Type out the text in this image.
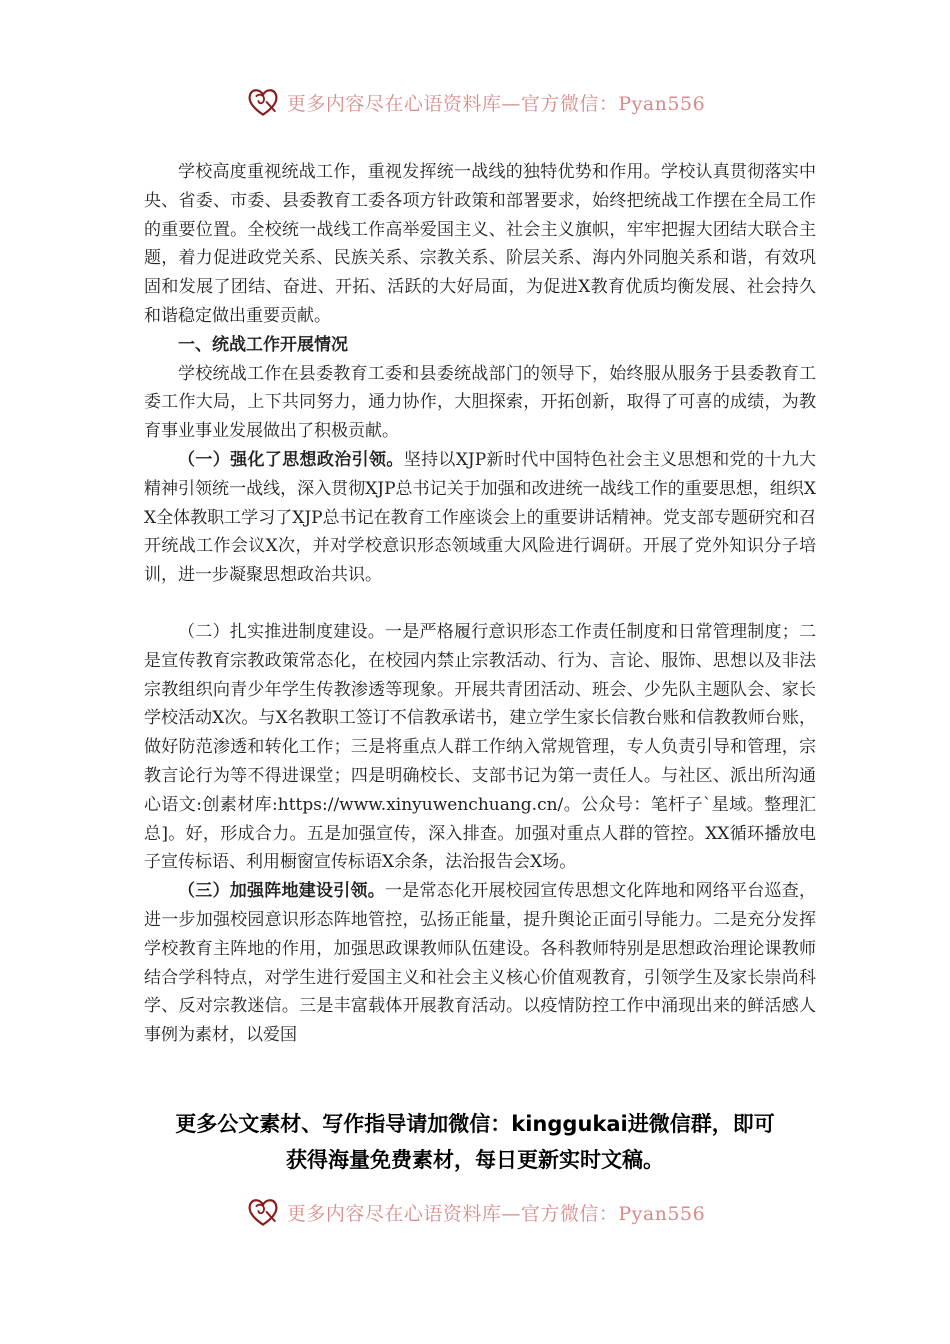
更多内容尽在心语资料库—官方微信：Pyan556

学校高度重视统战工作，重视发挥统一战线的独特优势和作用。学校认真贯彻落实中央、省委、市委、县委教育工委各项方针政策和部署要求，始终把统战工作摆在全局工作的重要位置。全校统一战线工作高举爱国主义、社会主义旗帜，牢牢把握大团结大联合主题，着力促进政党关系、民族关系、宗教关系、阶层关系、海内外同胞关系和谐，有效巩固和发展了团结、奋进、开拓、活跃的大好局面，为促进X教育优质均衡发展、社会持久和谐稳定做出重要贡献。

一、统战工作开展情况

学校统战工作在县委教育工委和县委统战部门的领导下，始终服从服务于县委教育工委工作大局，上下共同努力，通力协作，大胆探索，开拓创新，取得了可喜的成绩，为教育事业事业发展做出了积极贡献。

（一）强化了思想政治引领。坚持以XJP新时代中国特色社会主义思想和党的十九大精神引领统一战线，深入贯彻XJP总书记关于加强和改进统一战线工作的重要思想，组织XX全体教职工学习了XJP总书记在教育工作座谈会上的重要讲话精神。党支部专题研究和召开统战工作会议X次，并对学校意识形态领域重大风险进行调研。开展了党外知识分子培训，进一步凝聚思想政治共识。

（二）扎实推进制度建设。一是严格履行意识形态工作责任制度和日常管理制度；二是宣传教育宗教政策常态化，在校园内禁止宗教活动、行为、言论、服饰、思想以及非法宗教组织向青少年学生传教渗透等现象。开展共青团活动、班会、少先队主题队会、家长学校活动X次。与X名教职工签订不信教承诺书，建立学生家长信教台账和信教教师台账，做好防范渗透和转化工作；三是将重点人群工作纳入常规管理，专人负责引导和管理，宗教言论行为等不得进课堂；四是明确校长、支部书记为第一责任人。与社区、派出所沟通心语文:创素材库:https://www.xinyuwenchuang.cn/。公众号：笔杆子`星域。整理汇总]。好，形成合力。五是加强宣传，深入排查。加强对重点人群的管控。XX循环播放电子宣传标语、利用橱窗宣传标语X余条，法治报告会X场。

（三）加强阵地建设引领。一是常态化开展校园宣传思想文化阵地和网络平台巡查，进一步加强校园意识形态阵地管控，弘扬正能量，提升舆论正面引导能力。二是充分发挥学校教育主阵地的作用，加强思政课教师队伍建设。各科教师特别是思想政治理论课教师结合学科特点，对学生进行爱国主义和社会主义核心价值观教育，引领学生及家长崇尚科学、反对宗教迷信。三是丰富载体开展教育活动。以疫情防控工作中涌现出来的鲜活感人事例为素材，以爱国

更多公文素材、写作指导请加微信：kinggukai进微信群，即可
获得海量免费素材，每日更新实时文稿。
更多内容尽在心语资料库—官方微信：Pyan556
